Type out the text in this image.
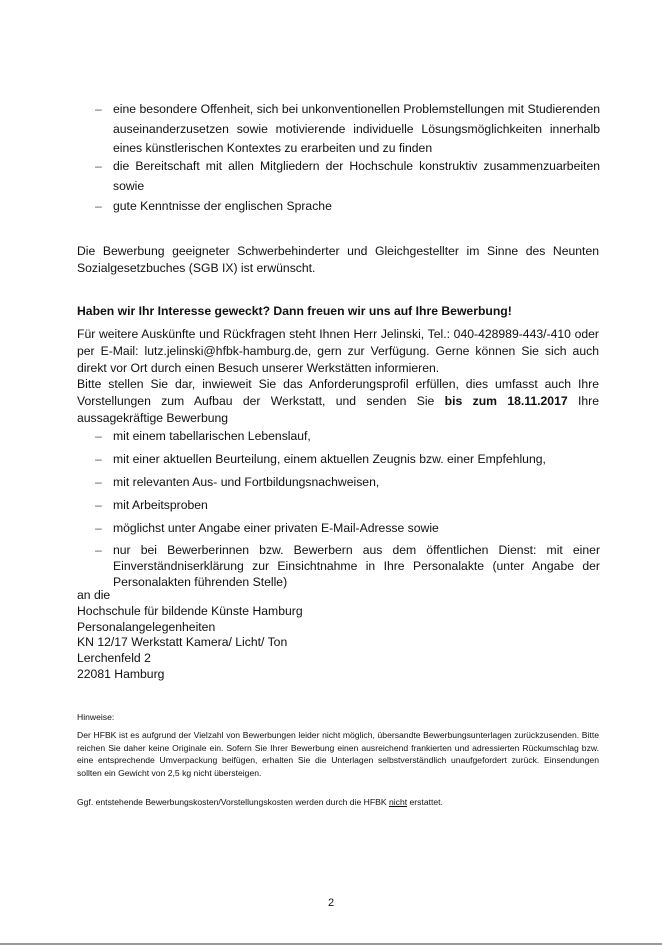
– eine besondere Offenheit, sich bei unkonventionellen Problemstellungen mit Studierenden auseinanderzusetzen sowie motivierende individuelle Lösungsmöglichkeiten innerhalb eines künstlerischen Kontextes zu erarbeiten und zu finden
– die Bereitschaft mit allen Mitgliedern der Hochschule konstruktiv zusammenzuarbeiten sowie
– gute Kenntnisse der englischen Sprache
Die Bewerbung geeigneter Schwerbehinderter und Gleichgestellter im Sinne des Neunten Sozialgesetzbuches (SGB IX) ist erwünscht.
Haben wir Ihr Interesse geweckt? Dann freuen wir uns auf Ihre Bewerbung!
Für weitere Auskünfte und Rückfragen steht Ihnen Herr Jelinski, Tel.: 040-428989-443/-410 oder per E-Mail: lutz.jelinski@hfbk-hamburg.de, gern zur Verfügung. Gerne können Sie sich auch direkt vor Ort durch einen Besuch unserer Werkstätten informieren.
Bitte stellen Sie dar, inwieweit Sie das Anforderungsprofil erfüllen, dies umfasst auch Ihre Vorstellungen zum Aufbau der Werkstatt, und senden Sie bis zum 18.11.2017 Ihre aussagekräftige Bewerbung
– mit einem tabellarischen Lebenslauf,
– mit einer aktuellen Beurteilung, einem aktuellen Zeugnis bzw. einer Empfehlung,
– mit relevanten Aus- und Fortbildungsnachweisen,
– mit Arbeitsproben
– möglichst unter Angabe einer privaten E-Mail-Adresse sowie
– nur bei Bewerberinnen bzw. Bewerbern aus dem öffentlichen Dienst: mit einer Einverständniserklärung zur Einsichtnahme in Ihre Personalakte (unter Angabe der Personalakten führenden Stelle)
an die
Hochschule für bildende Künste Hamburg
Personalangelegenheiten
KN 12/17 Werkstatt Kamera/ Licht/ Ton
Lerchenfeld 2
22081 Hamburg
Hinweise:
Der HFBK ist es aufgrund der Vielzahl von Bewerbungen leider nicht möglich, übersandte Bewerbungsunterlagen zurückzusenden. Bitte reichen Sie daher keine Originale ein. Sofern Sie Ihrer Bewerbung einen ausreichend frankierten und adressierten Rückumschlag bzw. eine entsprechende Umverpackung beifügen, erhalten Sie die Unterlagen selbstverständlich unaufgefordert zurück. Einsendungen sollten ein Gewicht von 2,5 kg nicht übersteigen.
Ggf. entstehende Bewerbungskosten/Vorstellungskosten werden durch die HFBK nicht erstattet.
2
